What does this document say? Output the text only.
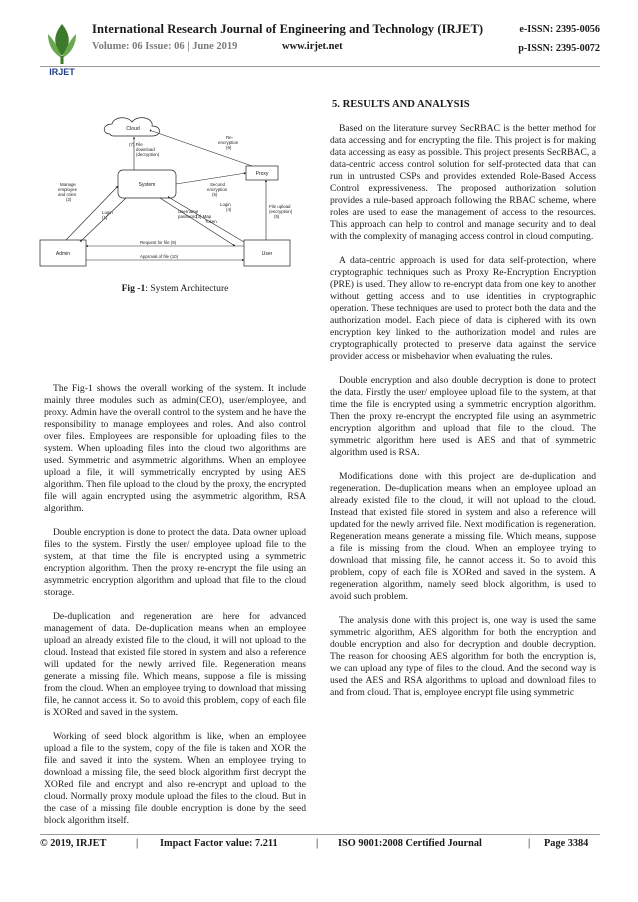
IRJET
International Research Journal of Engineering and Technology (IRJET)
Volume: 06 Issue: 06 | June 2019	www.irjet.net
e-ISSN: 2395-0056
p-ISSN: 2395-0072
Cloud
System
Proxy
Admin	User
(7) File download (decryption)
Re- encryption (6)
Manage employee and roles (2)
Login (1)
Username password
Second encryption (5)
Login (4)
(3) Map Token
File upload (encryption) (5)
Request for file (9)
Approval of file (10)
Fig -1: System Architecture

The Fig-1 shows the overall working of the system. It include mainly three modules such as admin(CEO), user/employee, and proxy. Admin have the overall control to the system and he have the responsibility to manage employees and roles. And also control over files. Employees are responsible for uploading files to the system. When uploading files into the cloud two algorithms are used. Symmetric and asymmetric algorithms. When an employee upload a file, it will symmetrically encrypted by using AES algorithm. Then file upload to the cloud by the proxy, the encrypted file will again encrypted using the asymmetric algorithm, RSA algorithm.

Double encryption is done to protect the data. Data owner upload files to the system. Firstly the user/ employee upload file to the system, at that time the file is encrypted using a symmetric encryption algorithm. Then the proxy re-encrypt the file using an asymmetric encryption algorithm and upload that file to the cloud storage.

De-duplication and regeneration are here for advanced management of data. De-duplication means when an employee upload an already existed file to the cloud, it will not upload to the cloud. Instead that existed file stored in system and also a reference will updated for the newly arrived file. Regeneration means generate a missing file. Which means, suppose a file is missing from the cloud. When an employee trying to download that missing file, he cannot access it. So to avoid this problem, copy of each file is XORed and saved in the system.

Working of seed block algorithm is like, when an employee upload a file to the system, copy of the file is taken and XOR the file and saved it into the system. When an employee trying to download a missing file, the seed block algorithm first decrypt the XORed file and encrypt and also re-encrypt and upload to the cloud. Normally proxy module upload the files to the cloud. But in the case of a missing file double encryption is done by the seed block algorithm itself.

5. RESULTS AND ANALYSIS

Based on the literature survey SecRBAC is the better method for data accessing and for encrypting the file. This project is for making data accessing as easy as possible. This project presents SecRBAC, a data-centric access control solution for self-protected data that can run in untrusted CSPs and provides extended Role-Based Access Control expressiveness. The proposed authorization solution provides a rule-based approach following the RBAC scheme, where roles are used to ease the management of access to the resources. This approach can help to control and manage security and to deal with the complexity of managing access control in cloud computing.

A data-centric approach is used for data self-protection, where cryptographic techniques such as Proxy Re-Encryption Encryption (PRE) is used. They allow to re-encrypt data from one key to another without getting access and to use identities in cryptographic operation. These techniques are used to protect both the data and the authorization model. Each piece of data is ciphered with its own encryption key linked to the authorization model and rules are cryptographically protected to preserve data against the service provider access or misbehavior when evaluating the rules.

Double encryption and also double decryption is done to protect the data. Firstly the user/ employee upload file to the system, at that time the file is encrypted using a symmetric encryption algorithm. Then the proxy re-encrypt the encrypted file using an asymmetric encryption algorithm and upload that file to the cloud. The symmetric algorithm here used is AES and that of symmetric algorithm used is RSA.

Modifications done with this project are de-duplication and regeneration. De-duplication means when an employee upload an already existed file to the cloud, it will not upload to the cloud. Instead that existed file stored in system and also a reference will updated for the newly arrived file. Next modification is regeneration. Regeneration means generate a missing file. Which means, suppose a file is missing from the cloud. When an employee trying to download that missing file, he cannot access it. So to avoid this problem, copy of each file is XORed and saved in the system. A regeneration algorithm, namely seed block algorithm, is used to avoid such problem.

The analysis done with this project is, one way is used the same symmetric algorithm, AES algorithm for both the encryption and double encryption and also for decryption and double decryption. The reason for choosing AES algorithm for both the encryption is, we can upload any type of files to the cloud. And the second way is used the AES and RSA algorithms to upload and download files to and from cloud. That is, employee encrypt file using symmetric

© 2019, IRJET	| Impact Factor value: 7.211	| ISO 9001:2008 Certified Journal	| Page 3384
